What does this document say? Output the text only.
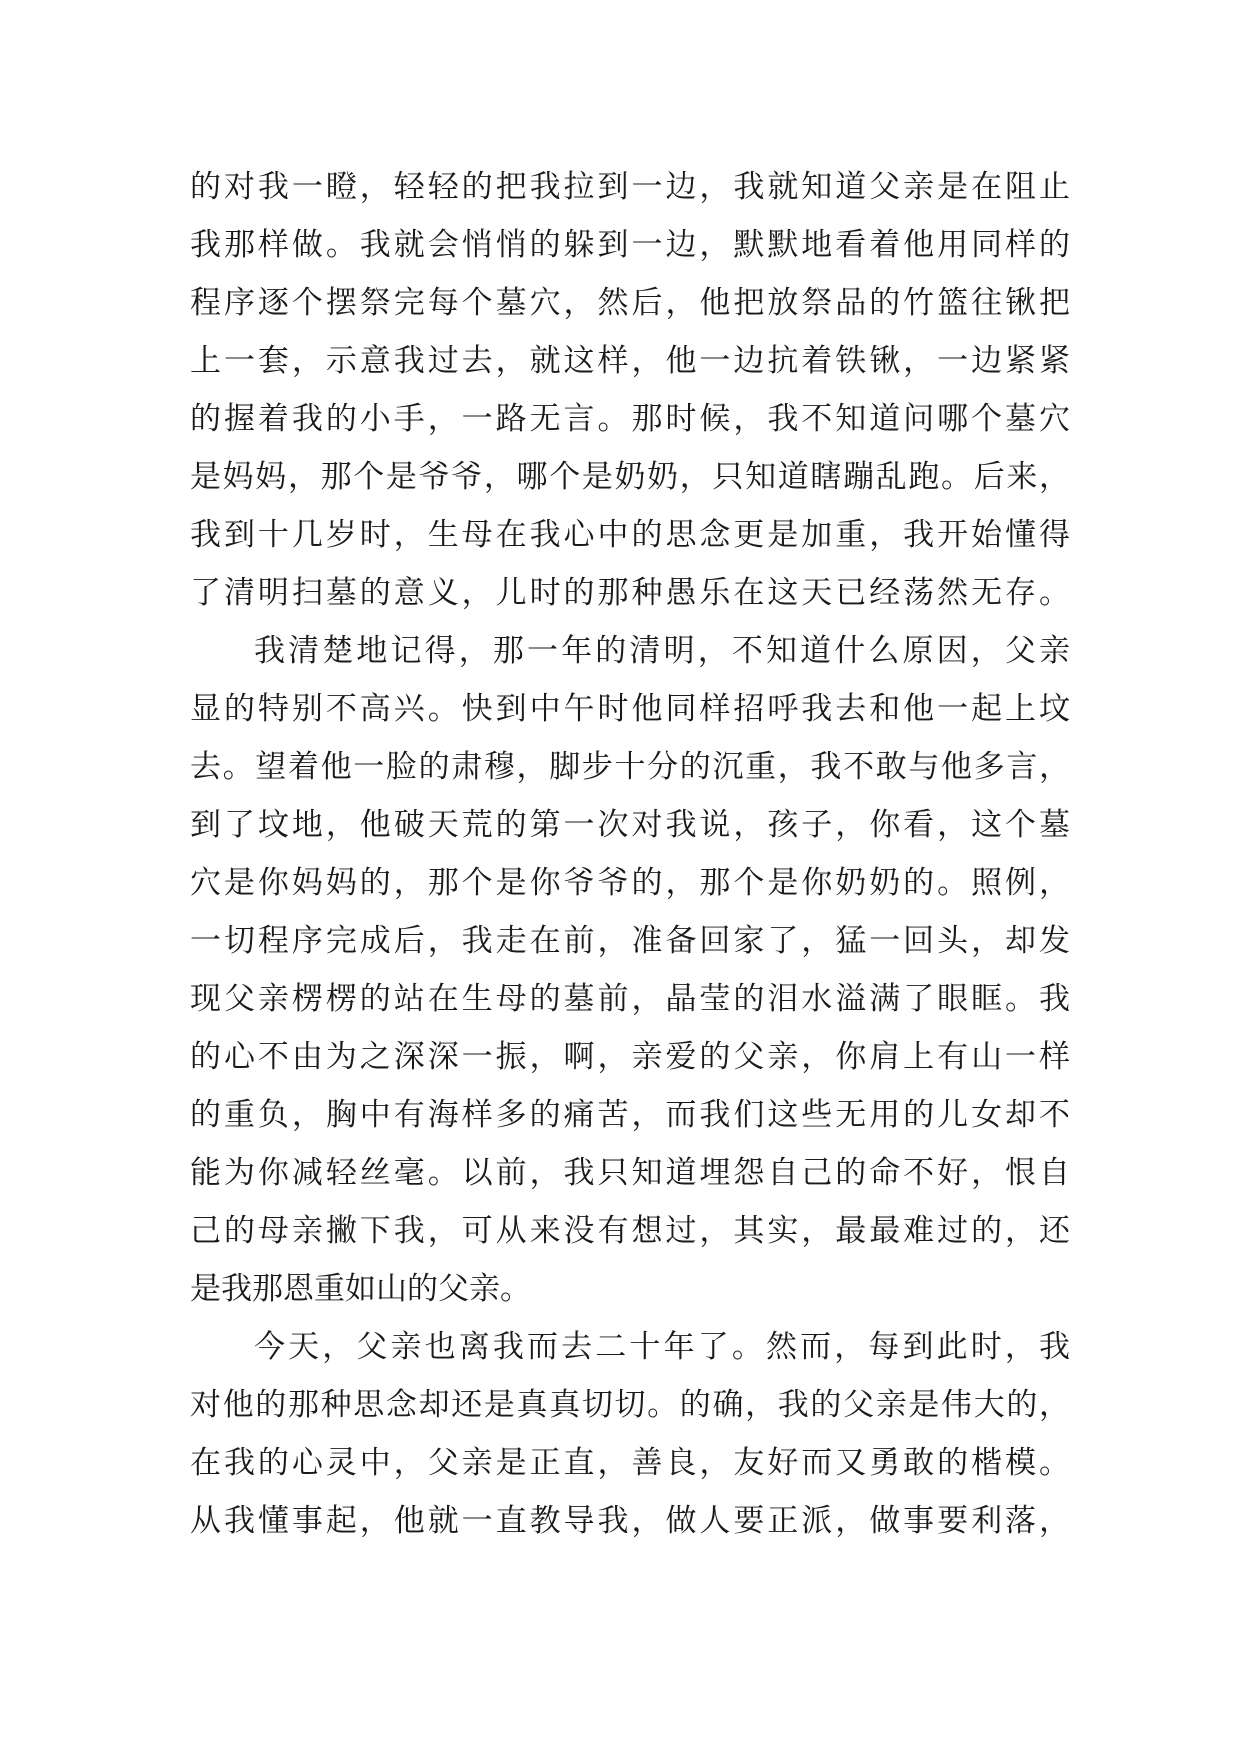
的对我一瞪，轻轻的把我拉到一边，我就知道父亲是在阻止
我那样做。我就会悄悄的躲到一边，默默地看着他用同样的
程序逐个摆祭完每个墓穴，然后，他把放祭品的竹篮往锹把
上一套，示意我过去，就这样，他一边抗着铁锹，一边紧紧
的握着我的小手，一路无言。那时候，我不知道问哪个墓穴
是妈妈，那个是爷爷，哪个是奶奶，只知道瞎蹦乱跑。后来，
我到十几岁时，生母在我心中的思念更是加重，我开始懂得
了清明扫墓的意义，儿时的那种愚乐在这天已经荡然无存。
我清楚地记得，那一年的清明，不知道什么原因，父亲
显的特别不高兴。快到中午时他同样招呼我去和他一起上坟
去。望着他一脸的肃穆，脚步十分的沉重，我不敢与他多言，
到了坟地，他破天荒的第一次对我说，孩子，你看，这个墓
穴是你妈妈的，那个是你爷爷的，那个是你奶奶的。照例，
一切程序完成后，我走在前，准备回家了，猛一回头，却发
现父亲楞楞的站在生母的墓前，晶莹的泪水溢满了眼眶。我
的心不由为之深深一振，啊，亲爱的父亲，你肩上有山一样
的重负，胸中有海样多的痛苦，而我们这些无用的儿女却不
能为你减轻丝毫。以前，我只知道埋怨自己的命不好，恨自
己的母亲撇下我，可从来没有想过，其实，最最难过的，还
是我那恩重如山的父亲。
今天，父亲也离我而去二十年了。然而，每到此时，我
对他的那种思念却还是真真切切。的确，我的父亲是伟大的，
在我的心灵中，父亲是正直，善良，友好而又勇敢的楷模。
从我懂事起，他就一直教导我，做人要正派，做事要利落，
